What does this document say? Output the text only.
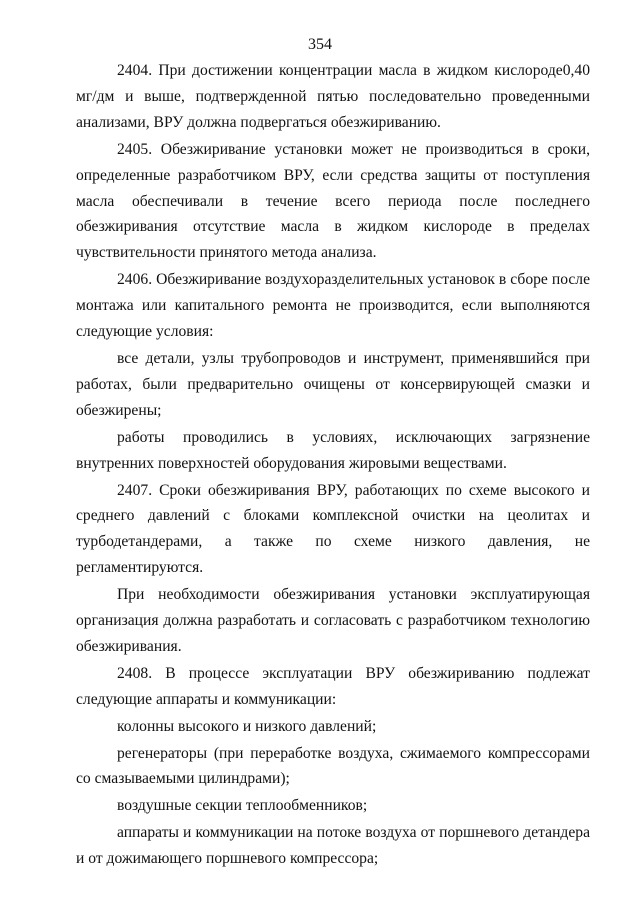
354

2404. При достижении концентрации масла в жидком кислороде0,40 мг/дм и выше, подтвержденной пятью последовательно проведенными анализами, ВРУ должна подвергаться обезжириванию.

2405. Обезжиривание установки может не производиться в сроки, определенные разработчиком ВРУ, если средства защиты от поступления масла обеспечивали в течение всего периода после последнего обезжиривания отсутствие масла в жидком кислороде в пределах чувствительности принятого метода анализа.

2406. Обезжиривание воздухоразделительных установок в сборе после монтажа или капитального ремонта не производится, если выполняются следующие условия:

все детали, узлы трубопроводов и инструмент, применявшийся при работах, были предварительно очищены от консервирующей смазки и обезжирены;

работы проводились в условиях, исключающих загрязнение внутренних поверхностей оборудования жировыми веществами.

2407. Сроки обезжиривания ВРУ, работающих по схеме высокого и среднего давлений с блоками комплексной очистки на цеолитах и турбодетандерами, а также по схеме низкого давления, не регламентируются.

При необходимости обезжиривания установки эксплуатирующая организация должна разработать и согласовать с разработчиком технологию обезжиривания.

2408. В процессе эксплуатации ВРУ обезжириванию подлежат следующие аппараты и коммуникации:

колонны высокого и низкого давлений;

регенераторы (при переработке воздуха, сжимаемого компрессорами со смазываемыми цилиндрами);

воздушные секции теплообменников;

аппараты и коммуникации на потоке воздуха от поршневого детандера и от дожимающего поршневого компрессора;
